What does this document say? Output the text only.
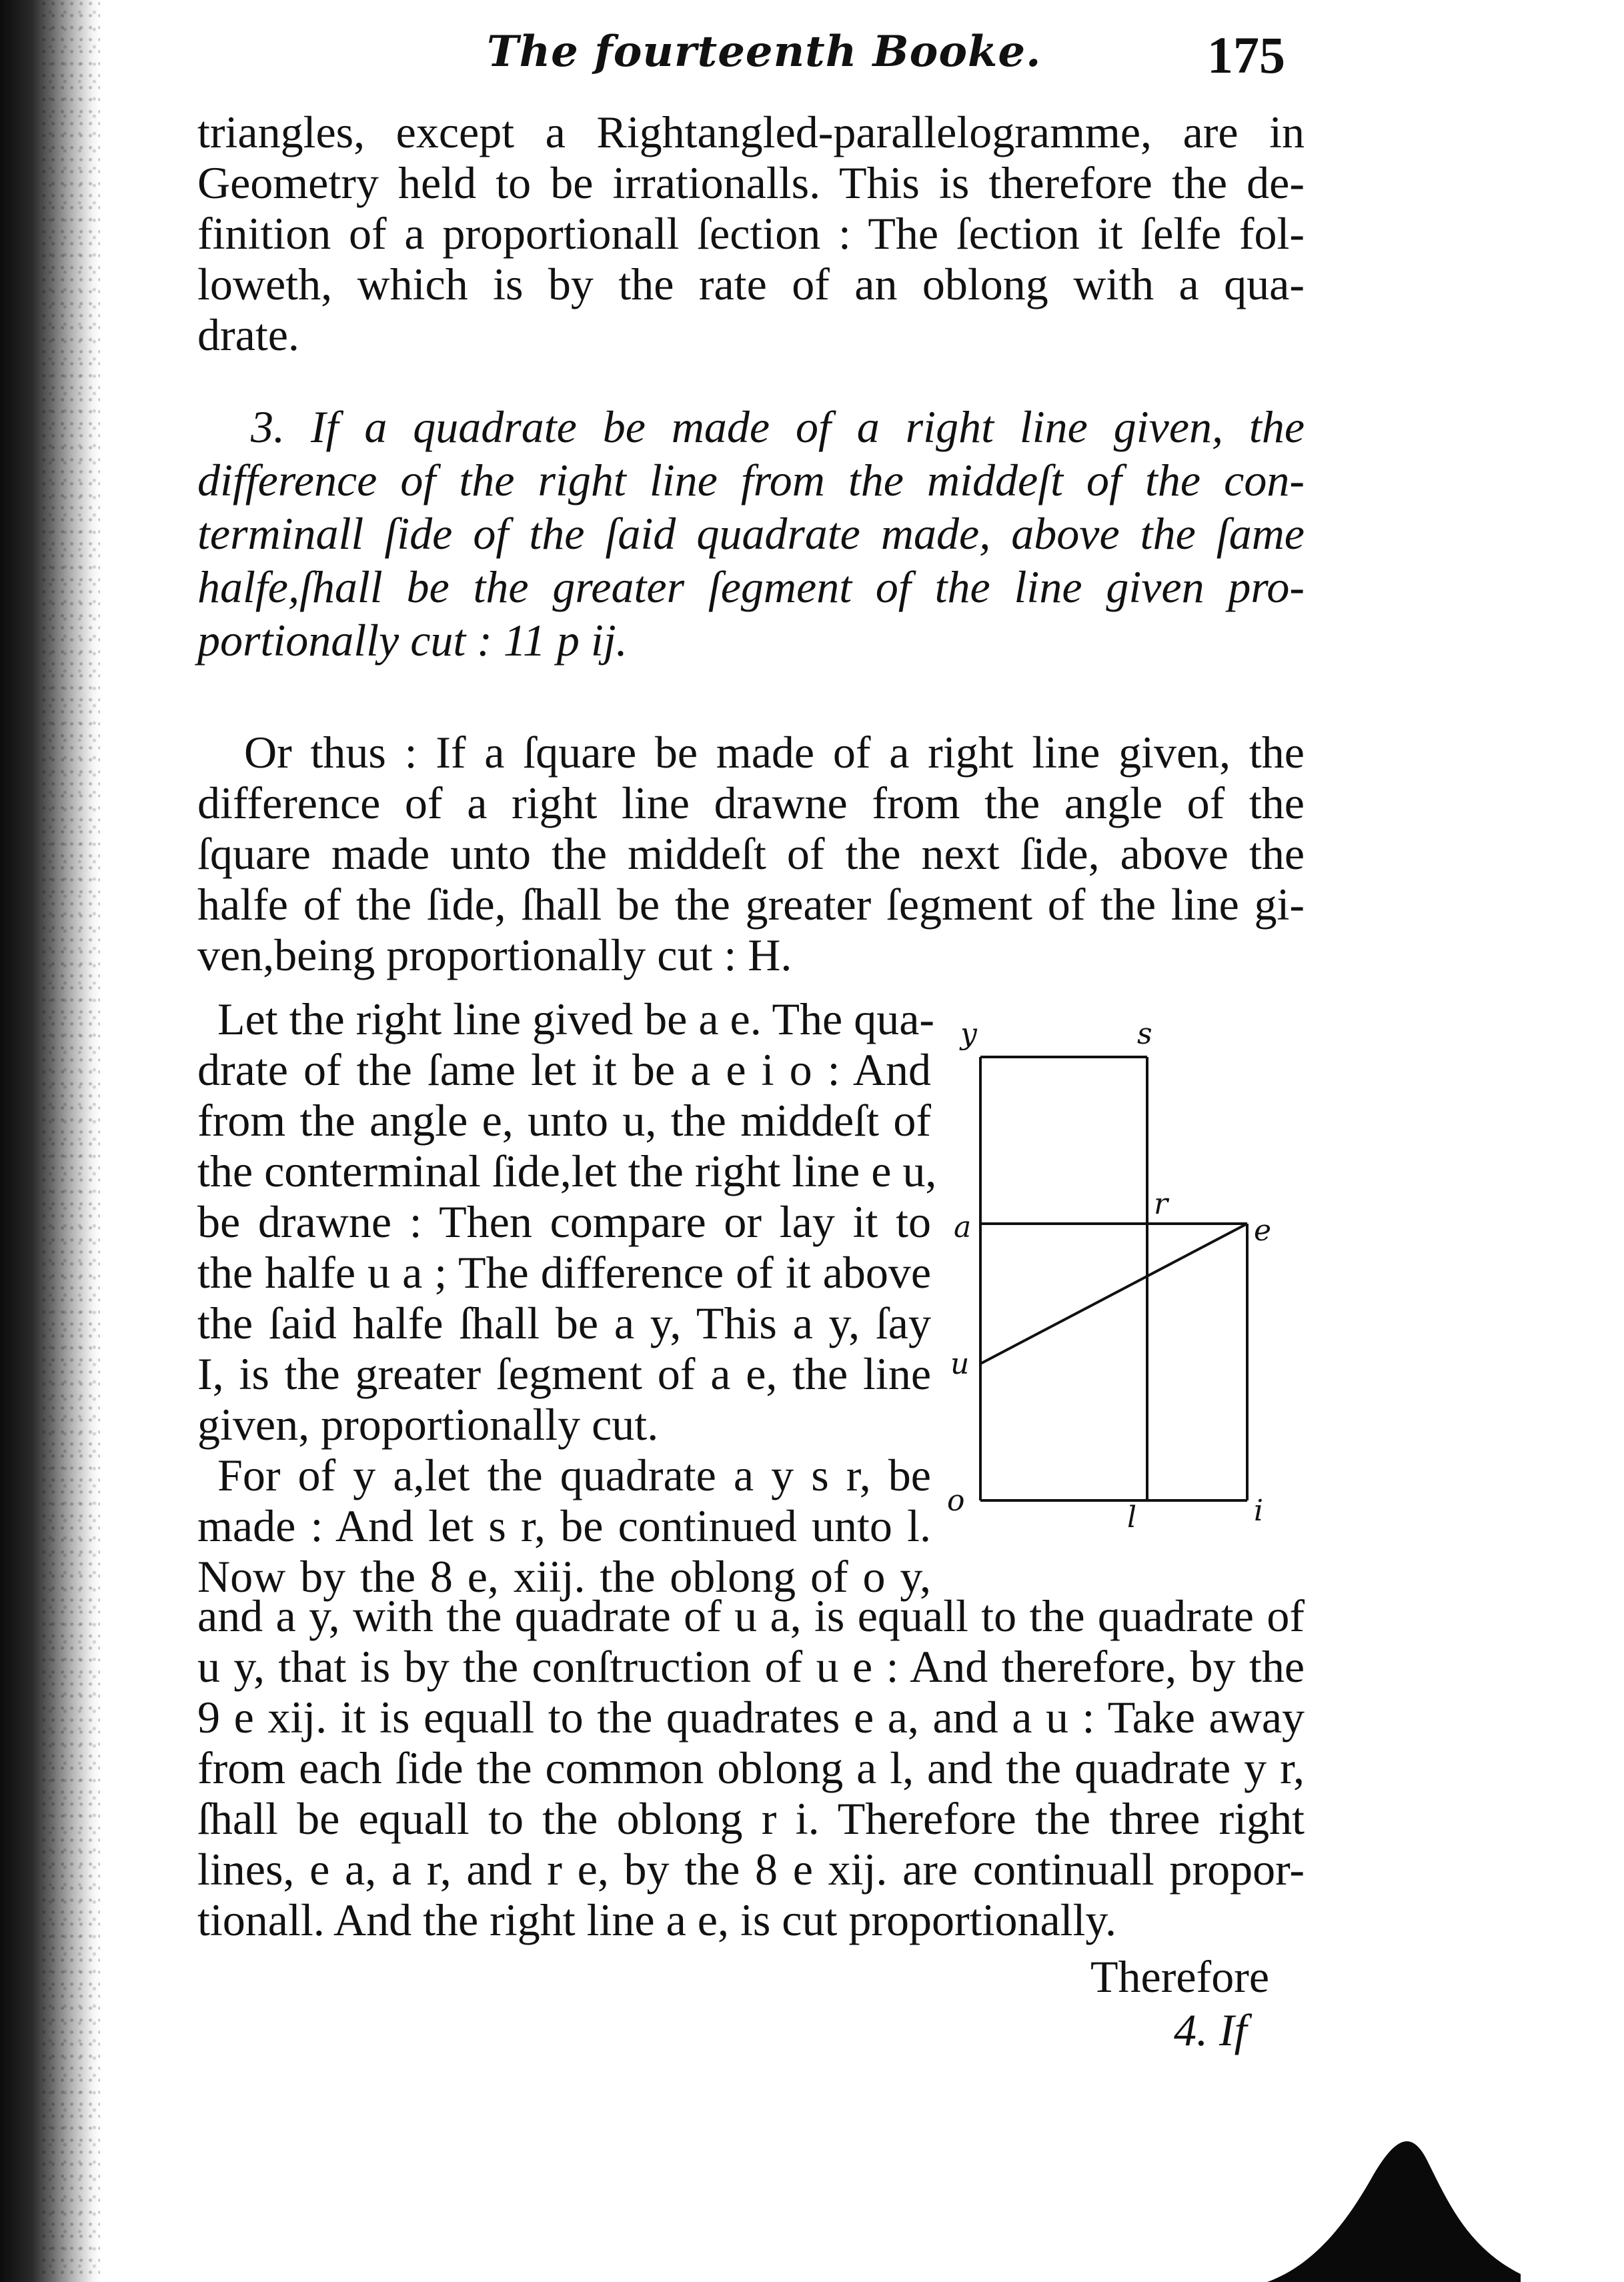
The fourteenth Booke.	175
triangles, except a Rightangled-parallelogramme, are in
Geometry held to be irrationalls. This is therefore the de-
finition of a proportionall ſection : The ſection it ſelfe fol-
loweth, which is by the rate of an oblong with a qua-
drate.
3. If a quadrate be made of a right line given, the
difference of the right line from the middeſt of the con-
terminall ſide of the ſaid quadrate made, above the ſame
halfe,ſhall be the greater ſegment of the line given pro-
portionally cut : 11 p ij.
Or thus : If a ſquare be made of a right line given, the
difference of a right line drawne from the angle of the
ſquare made unto the middeſt of the next ſide, above the
halfe of the ſide, ſhall be the greater ſegment of the line gi-
ven,being proportionally cut : H.
Let the right line gived be a e. The qua-
drate of the ſame let it be a e i o : And
from the angle e, unto u, the middeſt of
the conterminal ſide,let the right line e u,
be drawne : Then compare or lay it to
the halfe u a ; The difference of it above
the ſaid halfe ſhall be a y, This a y, ſay
I, is the greater ſegment of a e, the line
given, proportionally cut.
For of y a,let the quadrate a y s r, be
made : And let s r, be continued unto l.
Now by the 8 e, xiij. the oblong of o y,
y	s
a
r
e
u
o	l	i
and a y, with the quadrate of u a, is equall to the quadrate of
u y, that is by the conſtruction of u e : And therefore, by the
9 e xij. it is equall to the quadrates e a, and a u : Take away
from each ſide the common oblong a l, and the quadrate y r,
ſhall be equall to the oblong r i. Therefore the three right
lines, e a, a r, and r e, by the 8 e xij. are continuall propor-
tionall. And the right line a e, is cut proportionally.
Therefore
4. If
